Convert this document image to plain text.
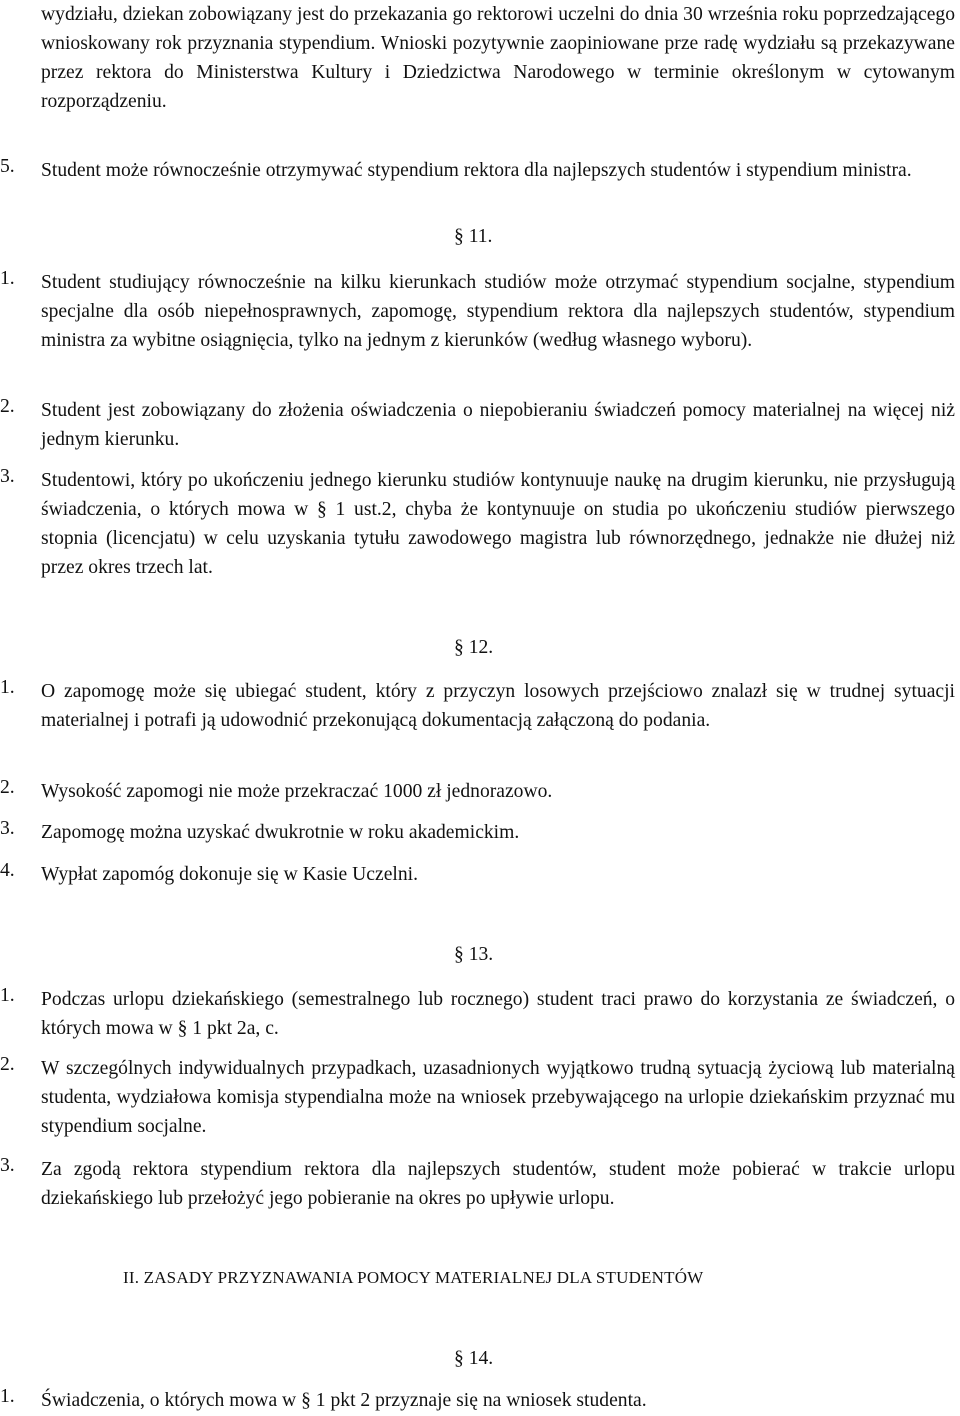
wydziału, dziekan zobowiązany jest do przekazania go rektorowi uczelni do dnia 30 września roku poprzedzającego wnioskowany rok przyznania stypendium. Wnioski pozytywnie zaopiniowane prze radę wydziału są przekazywane przez rektora do Ministerstwa Kultury i Dziedzictwa Narodowego w terminie określonym w cytowanym rozporządzeniu.

5.	Student może równocześnie otrzymywać stypendium rektora dla najlepszych studentów i stypendium ministra.

§ 11.
1.	Student studiujący równocześnie na kilku kierunkach studiów może otrzymać stypendium socjalne, stypendium specjalne dla osób niepełnosprawnych, zapomogę, stypendium rektora dla najlepszych studentów, stypendium ministra za wybitne osiągnięcia, tylko na jednym z kierunków (według własnego wyboru).

2.	Student jest zobowiązany do złożenia oświadczenia o niepobieraniu świadczeń pomocy materialnej na więcej niż jednym kierunku.

3.	Studentowi, który po ukończeniu jednego kierunku studiów kontynuuje naukę na drugim kierunku, nie przysługują świadczenia, o których mowa w § 1 ust.2, chyba że kontynuuje on studia po ukończeniu studiów pierwszego stopnia (licencjatu) w celu uzyskania tytułu zawodowego magistra lub równorzędnego, jednakże nie dłużej niż przez okres trzech lat.

§ 12.
1.	O zapomogę może się ubiegać student, który z przyczyn losowych przejściowo znalazł się w trudnej sytuacji materialnej i potrafi ją udowodnić przekonującą dokumentacją załączoną do podania.

2.	Wysokość zapomogi nie może przekraczać 1000 zł jednorazowo.

3.	Zapomogę można uzyskać dwukrotnie w roku akademickim.

4.	Wypłat zapomóg dokonuje się w Kasie Uczelni.

§ 13.
1.	Podczas urlopu dziekańskiego (semestralnego lub rocznego) student traci prawo do korzystania ze świadczeń, o których mowa w § 1 pkt 2a, c.

2.	W szczególnych indywidualnych przypadkach, uzasadnionych wyjątkowo trudną sytuacją życiową lub materialną studenta, wydziałowa komisja stypendialna może na wniosek przebywającego na urlopie dziekańskim przyznać mu stypendium socjalne.

3.	Za zgodą rektora stypendium rektora dla najlepszych studentów, student może pobierać w trakcie urlopu dziekańskiego lub przełożyć jego pobieranie na okres po upływie urlopu.

II. ZASADY PRZYZNAWANIA POMOCY MATERIALNEJ DLA STUDENTÓW
§ 14.
1.	Świadczenia, o których mowa w § 1 pkt 2 przyznaje się na wniosek studenta.
